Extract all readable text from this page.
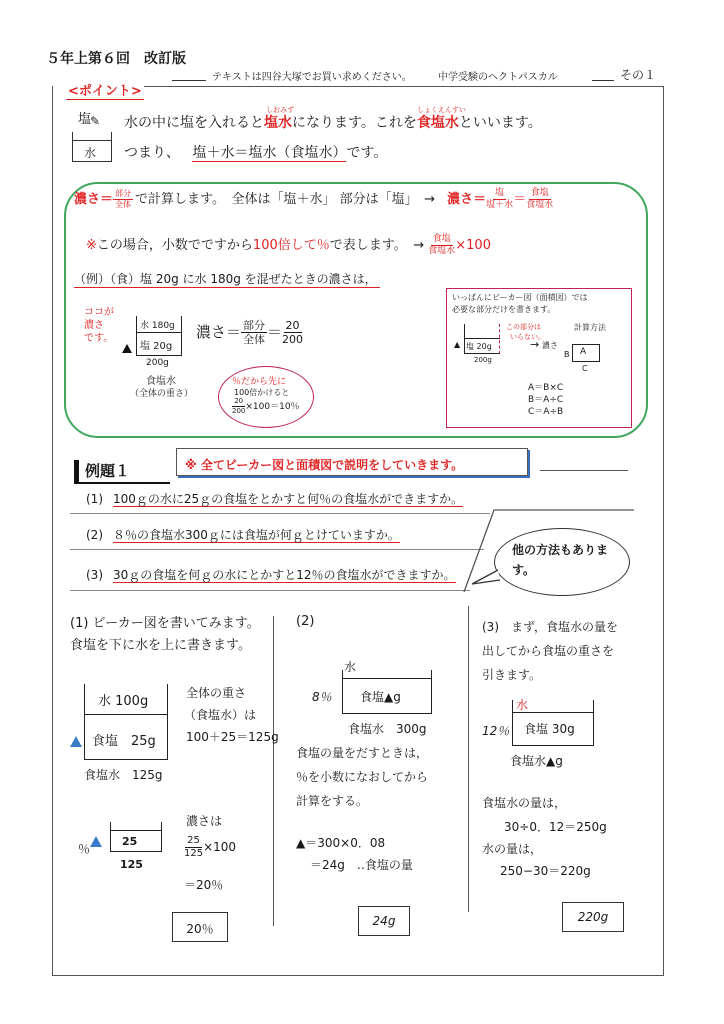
５年上第６回　改訂版
テキストは四谷大塚でお買い求めください。	中学受験のヘクトパスカル	その１
<ポイント>
塩
✎
水
水の中に塩を入れると
しおみず
塩水になります。これを
しょくえんすい
食塩水といいます。
つまり、 塩＋水＝塩水（食塩水）です。
濃さ＝ $\frac{\text{部分}}{\text{全体}}$ で計算します。　全体は「塩＋水」 部分は「塩」　→ 濃さ＝ $\frac{\text{塩}}{\text{塩＋水}} = \frac{\text{食塩}}{\text{食塩水}}$
※この場合，小数でですから100倍して％で表します。　→ $\frac{\text{食塩}}{\text{食塩水}} \times 100$
（例）（食）塩 20g に水 180g を混ぜたときの濃さは，
ココが
濃さ
です。
水 180g
塩 20g
200g
食塩水
（全体の重さ）
濃さ＝ $\frac{\text{部分}}{\text{全体}} = \frac{20}{200}$
％だから先に
100倍かけると
$\frac{20}{200} \times 100=10$％
いっぱんにビーカー図（面積図）では
必要な部分だけを書きます。
この部分は
いらない。
計算方法
▲ 塩 20g
200g
→ 濃さ
B A
C
A＝B×C
B＝A÷C
C＝A÷B
例題１	※ 全てビーカー図と面積図で説明をしていきます。
(1) 100ｇの水に25ｇの食塩をとかすと何％の食塩水ができますか。
(2) ８％の食塩水300ｇには食塩が何ｇとけていますか。
(3) 30ｇの食塩を何ｇの水にとかすと12％の食塩水ができますか。
他の方法もあります。
(1) ビーカー図を書いてみます。
食塩を下に水を上に書きます。
水 100g
食塩　25g
食塩水　125g
全体の重さ
（食塩水）は
100＋25＝125g
％
25
125
濃さは
$\frac{25}{125} \times 100$
＝20％
20％
(2)
水
8％ 食塩▲g
食塩水　300g
食塩の量をだすときは，
％を小数になおしてから
計算をする。
▲＝300×0．08
＝24g　‥食塩の量
24g
(3)　まず，食塩水の量を
出してから食塩の重さを
引きます。
水
12％ 食塩 30g
食塩水▲g
食塩水の量は，
30÷0．12＝250g
水の量は，
250−30＝220g
220g
